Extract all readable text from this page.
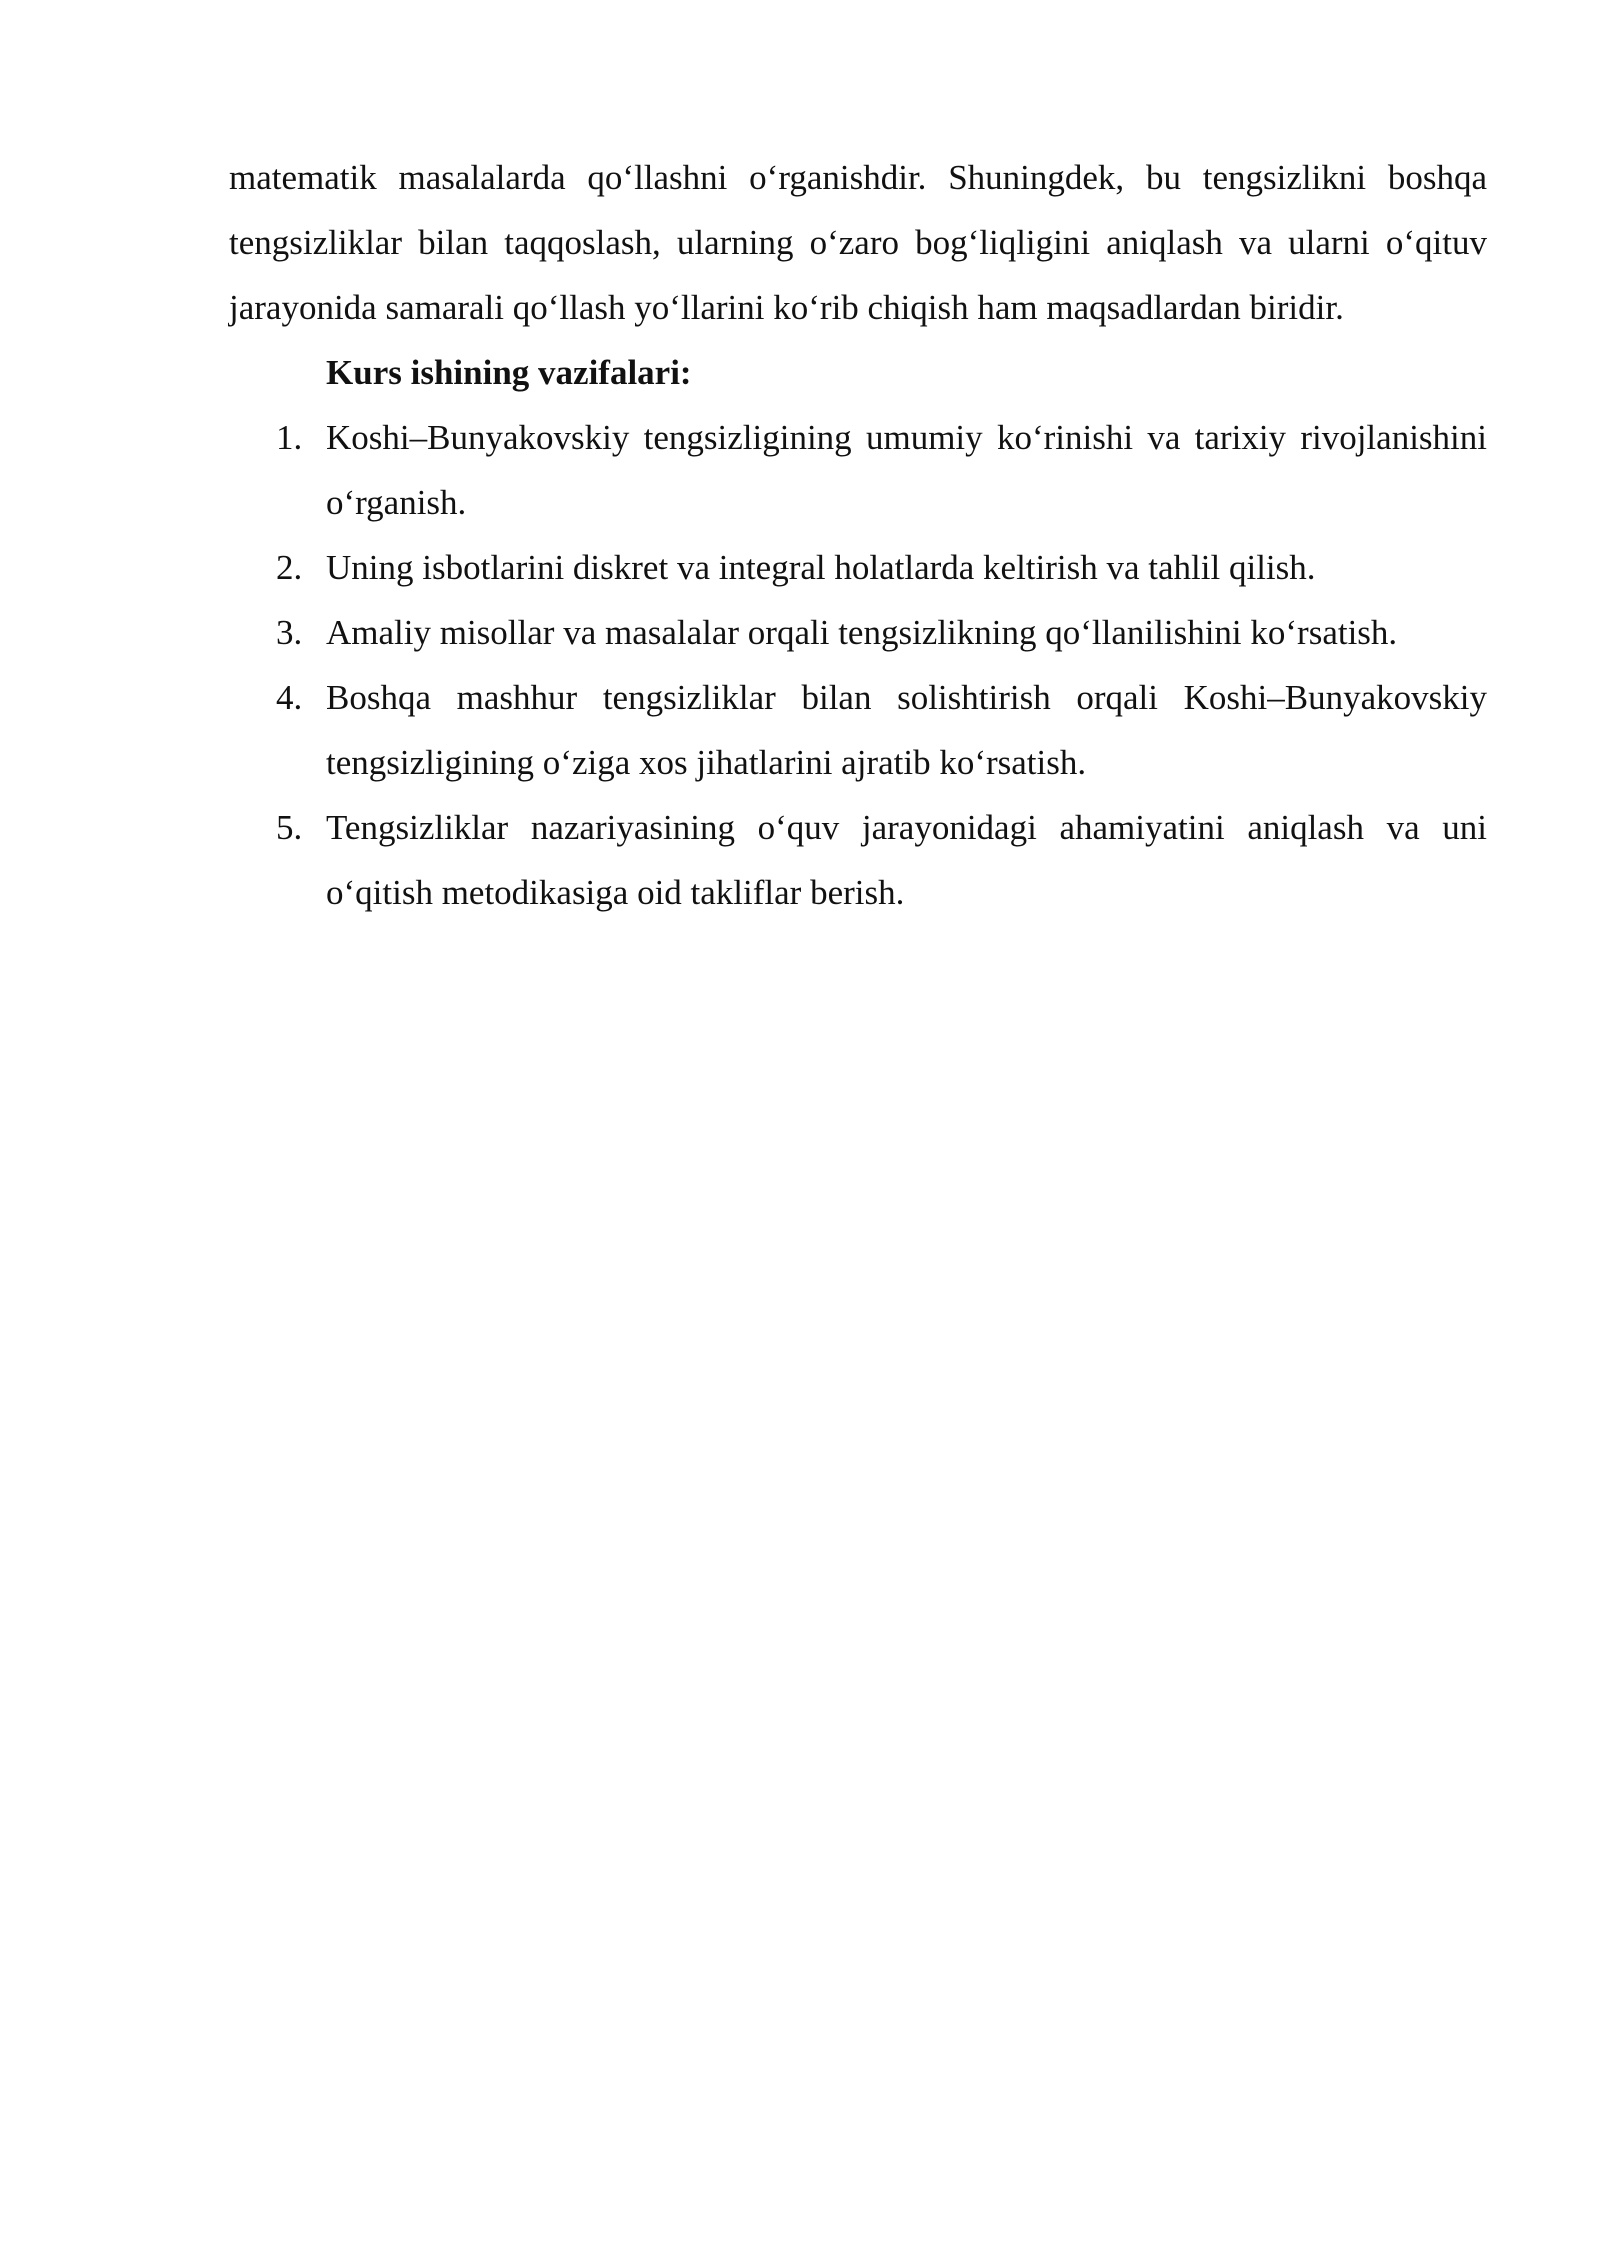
matematik masalalarda qo‘llashni o‘rganishdir. Shuningdek, bu tengsizlikni boshqa tengsizliklar bilan taqqoslash, ularning o‘zaro bog‘liqligini aniqlash va ularni o‘qituv jarayonida samarali qo‘llash yo‘llarini ko‘rib chiqish ham maqsadlardan biridir.

Kurs ishining vazifalari:

1. Koshi–Bunyakovskiy tengsizligining umumiy ko‘rinishi va tarixiy rivojlanishini o‘rganish.
2. Uning isbotlarini diskret va integral holatlarda keltirish va tahlil qilish.
3. Amaliy misollar va masalalar orqali tengsizlikning qo‘llanilishini ko‘rsatish.
4. Boshqa mashhur tengsizliklar bilan solishtirish orqali Koshi–Bunyakovskiy tengsizligining o‘ziga xos jihatlarini ajratib ko‘rsatish.
5. Tengsizliklar nazariyasining o‘quv jarayonidagi ahamiyatini aniqlash va uni o‘qitish metodikasiga oid takliflar berish.
